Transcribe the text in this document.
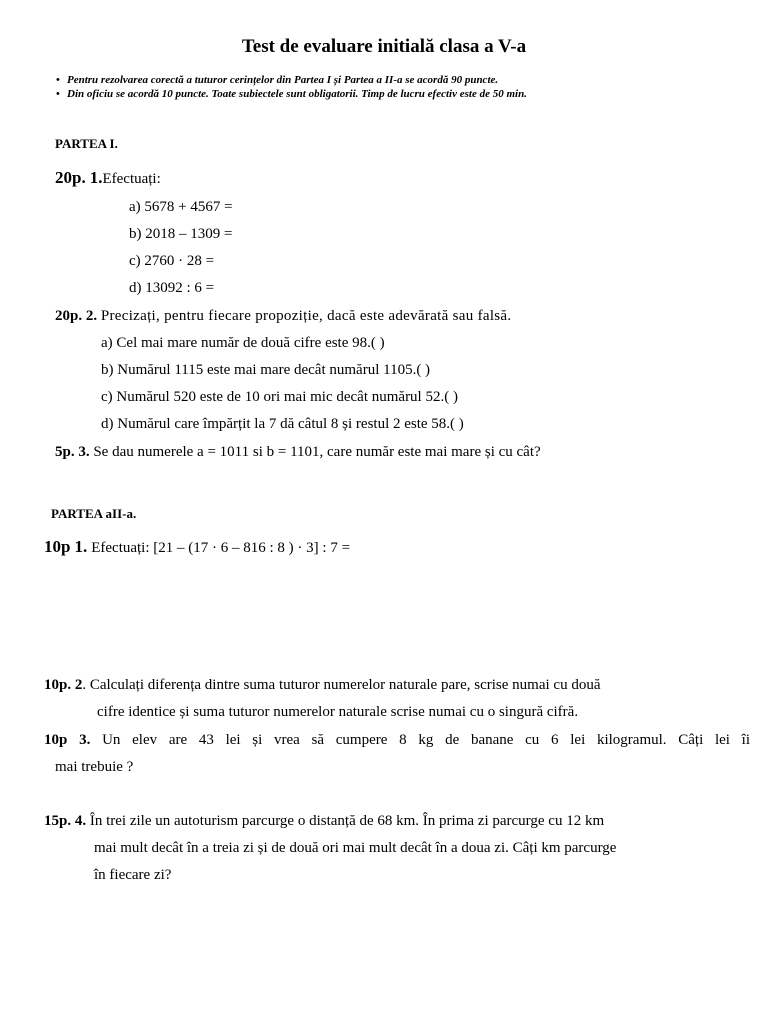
Test de evaluare initială clasa a V-a
• Pentru rezolvarea corectă a tuturor cerințelor din Partea I și Partea a II-a se acordă 90 puncte.
• Din oficiu se acordă 10 puncte. Toate subiectele sunt obligatorii. Timp de lucru efectiv este de 50 min.
PARTEA I.
20p. 1.Efectuați:
a) 5678 + 4567 =
b) 2018 – 1309 =
c) 2760 · 28 =
d) 13092 : 6 =
20p. 2. Precizați, pentru fiecare propoziție, dacă este adevărată sau falsă.
a) Cel mai mare număr de două cifre este 98.( )
b) Numărul 1115 este mai mare decât numărul 1105.( )
c) Numărul 520 este de 10 ori mai mic decât numărul 52.( )
d) Numărul care împărțit la 7 dă câtul 8 și restul 2 este 58.( )
5p. 3. Se dau numerele a = 1011 si b = 1101, care număr este mai mare și cu cât?
PARTEA aII-a.
10p 1. Efectuați: [21 – (17 · 6 – 816 : 8 ) · 3] : 7 =
10p. 2. Calculați diferența dintre suma tuturor numerelor naturale pare, scrise numai cu două
cifre identice și suma tuturor numerelor naturale scrise numai cu o singură cifră.
10p 3. Un elev are 43 lei și vrea să cumpere 8 kg de banane cu 6 lei kilogramul. Câți lei îi
mai trebuie ?
15p. 4. În trei zile un autoturism parcurge o distanță de 68 km. În prima zi parcurge cu 12 km
mai mult decât în a treia zi și de două ori mai mult decât în a doua zi. Câți km parcurge
în fiecare zi?
